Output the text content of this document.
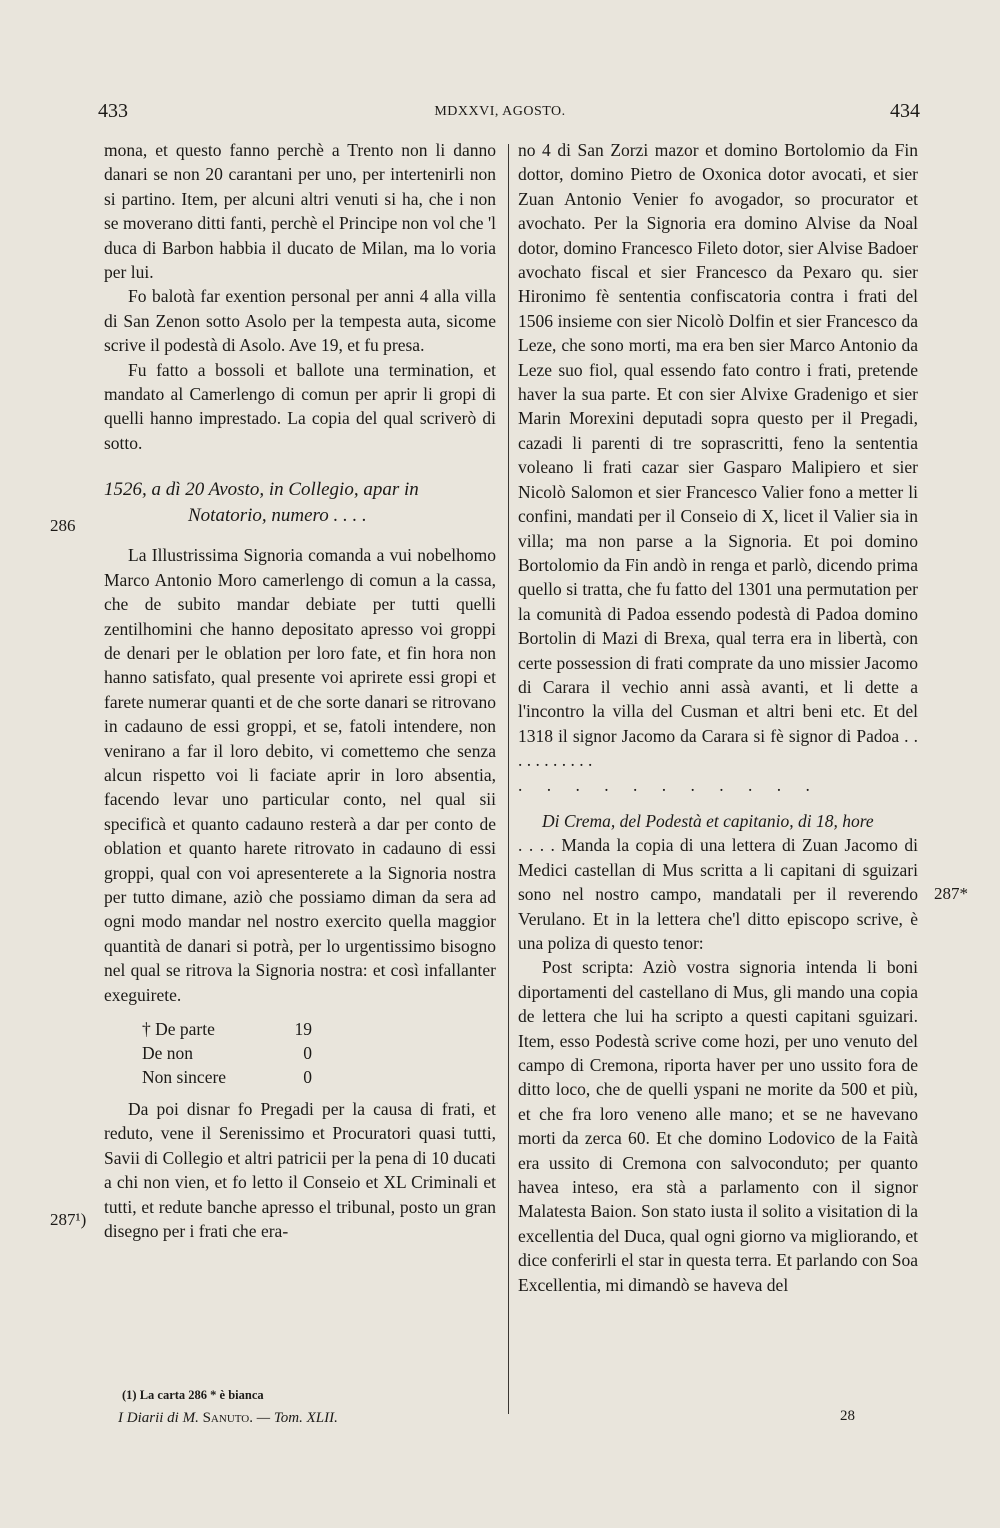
433	MDXXVI, AGOSTO.	434

mona, et questo fanno perchè a Trento non li danno danari se non 20 carantani per uno, per intertenirli non si partino. Item, per alcuni altri venuti si ha, che i non se moverano ditti fanti, perchè el Principe non vol che 'l duca di Barbon habbia il ducato de Milan, ma lo voria per lui.

Fo balotà far exention personal per anni 4 alla villa di San Zenon sotto Asolo per la tempesta auta, sicome scrive il podestà di Asolo. Ave 19, et fu presa.

Fu fatto a bossoli et ballote una termination, et mandato al Camerlengo di comun per aprir li gropi di quelli hanno imprestado. La copia del qual scriverò di sotto.

1526, a dì 20 Avosto, in Collegio, apar in
Notatorio, numero . . . .

La Illustrissima Signoria comanda a vui nobelhomo Marco Antonio Moro camerlengo di comun a la cassa, che de subito mandar debiate per tutti quelli zentilhomini che hanno depositato apresso voi groppi de denari per le oblation per loro fate, et fin hora non hanno satisfato, qual presente voi aprirete essi gropi et farete numerar quanti et de che sorte danari se ritrovano in cadauno de essi groppi, et se, fatoli intendere, non venirano a far il loro debito, vi comettemo che senza alcun rispetto voi li faciate aprir in loro absentia, facendo levar uno particular conto, nel qual sii specificà et quanto cadauno resterà a dar per conto de oblation et quanto harete ritrovato in cadauno di essi groppi, qual con voi apresenterete a la Signoria nostra per tutto dimane, aziò che possiamo diman da sera ad ogni modo mandar nel nostro exercito quella maggior quantità de danari si potrà, per lo urgentissimo bisogno nel qual se ritrova la Signoria nostra: et così infallanter exeguirete.

† De parte	19
De non	0
Non sincere	0

Da poi disnar fo Pregadi per la causa di frati, et reduto, vene il Serenissimo et Procuratori quasi tutti, Savii di Collegio et altri patricii per la pena di 10 ducati a chi non vien, et fo letto il Conseio et XL Criminali et tutti, et redute banche apresso el tribunal, posto un gran disegno per i frati che era-

no 4 di San Zorzi mazor et domino Bortolomio da Fin dottor, domino Pietro de Oxonica dotor avocati, et sier Zuan Antonio Venier fo avogador, so procurator et avochato. Per la Signoria era domino Alvise da Noal dotor, domino Francesco Fileto dotor, sier Alvise Badoer avochato fiscal et sier Francesco da Pexaro qu. sier Hironimo fè sententia confiscatoria contra i frati del 1506 insieme con sier Nicolò Dolfin et sier Francesco da Leze, che sono morti, ma era ben sier Marco Antonio da Leze suo fiol, qual essendo fato contro i frati, pretende haver la sua parte. Et con sier Alvixe Gradenigo et sier Marin Morexini deputadi sopra questo per il Pregadi, cazadi li parenti di tre soprascritti, feno la sententia voleano li frati cazar sier Gasparo Malipiero et sier Nicolò Salomon et sier Francesco Valier fono a metter li confini, mandati per il Conseio di X, licet il Valier sia in villa; ma non parse a la Signoria. Et poi domino Bortolomio da Fin andò in renga et parlò, dicendo prima quello si tratta, che fu fatto del 1301 una permutation per la comunità di Padoa essendo podestà di Padoa domino Bortolin di Mazi di Brexa, qual terra era in libertà, con certe possession di frati comprate da uno missier Jacomo di Carara il vechio anni assà avanti, et li dette a l'incontro la villa del Cusman et altri beni etc. Et del 1318 il signor Jacomo da Carara si fè signor di Padoa . . . . . . . . . . .

. . . . . . . . . . .

Di Crema, del Podestà et capitanio, di 18, hore

. . . . Manda la copia di una lettera di Zuan Jacomo di Medici castellan di Mus scritta a li capitani di sguizari sono nel nostro campo, mandatali per il reverendo Verulano. Et in la lettera che'l ditto episcopo scrive, è una poliza di questo tenor:

Post scripta: Aziò vostra signoria intenda li boni diportamenti del castellano di Mus, gli mando una copia de lettera che lui ha scripto a questi capitani sguizari. Item, esso Podestà scrive come hozi, per uno venuto del campo di Cremona, riporta haver per uno ussito fora de ditto loco, che de quelli yspani ne morite da 500 et più, et che fra loro veneno alle mano; et se ne havevano morti da zerca 60. Et che domino Lodovico de la Faità era ussito di Cremona con salvoconduto; per quanto havea inteso, era stà a parlamento con il signor Malatesta Baion. Son stato iusta il solito a visitation di la excellentia del Duca, qual ogni giorno va migliorando, et dice conferirli el star in questa terra. Et parlando con Soa Excellentia, mi dimandò se haveva del

286
287¹)
287*
(1) La carta 286 * è bianca
I Diarii di M. Sanuto. — Tom. XLII.	28
